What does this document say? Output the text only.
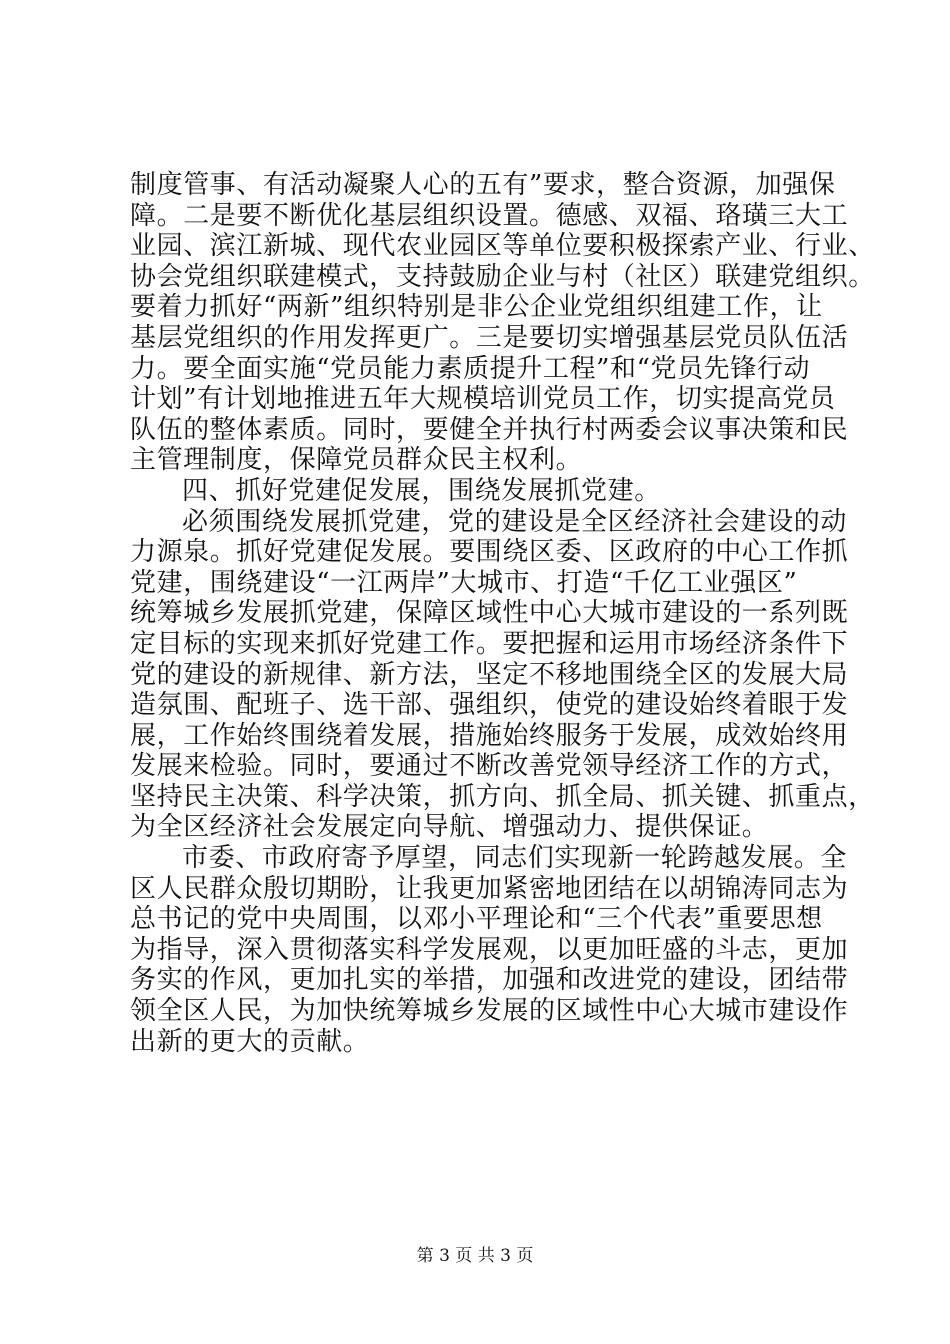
制度管事、有活动凝聚人心的五有”要求，整合资源，加强保
障。二是要不断优化基层组织设置。德感、双福、珞璜三大工
业园、滨江新城、现代农业园区等单位要积极探索产业、行业、
协会党组织联建模式，支持鼓励企业与村（社区）联建党组织。
要着力抓好“两新”组织特别是非公企业党组织组建工作，让
基层党组织的作用发挥更广。三是要切实增强基层党员队伍活
力。要全面实施“党员能力素质提升工程”和“党员先锋行动
计划”有计划地推进五年大规模培训党员工作，切实提高党员
队伍的整体素质。同时，要健全并执行村两委会议事决策和民
主管理制度，保障党员群众民主权利。
四、抓好党建促发展，围绕发展抓党建。
必须围绕发展抓党建，党的建设是全区经济社会建设的动
力源泉。抓好党建促发展。要围绕区委、区政府的中心工作抓
党建，围绕建设“一江两岸”大城市、打造“千亿工业强区”
统筹城乡发展抓党建，保障区域性中心大城市建设的一系列既
定目标的实现来抓好党建工作。要把握和运用市场经济条件下
党的建设的新规律、新方法，坚定不移地围绕全区的发展大局
造氛围、配班子、选干部、强组织，使党的建设始终着眼于发
展，工作始终围绕着发展，措施始终服务于发展，成效始终用
发展来检验。同时，要通过不断改善党领导经济工作的方式，
坚持民主决策、科学决策，抓方向、抓全局、抓关键、抓重点，
为全区经济社会发展定向导航、增强动力、提供保证。
市委、市政府寄予厚望，同志们实现新一轮跨越发展。全
区人民群众殷切期盼，让我更加紧密地团结在以胡锦涛同志为
总书记的党中央周围，以邓小平理论和“三个代表”重要思想
为指导，深入贯彻落实科学发展观，以更加旺盛的斗志，更加
务实的作风，更加扎实的举措，加强和改进党的建设，团结带
领全区人民，为加快统筹城乡发展的区域性中心大城市建设作
出新的更大的贡献。
第 3 页 共 3 页
